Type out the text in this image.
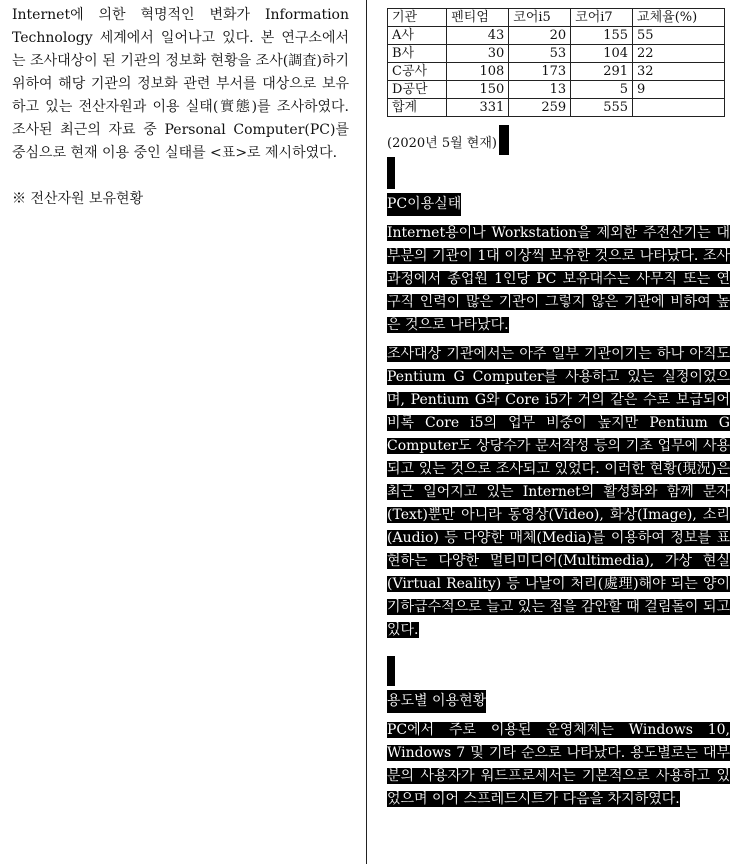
Internet에 의한 혁명적인 변화가 Information Technology 세계에서 일어나고 있다. 본 연구소에서는 조사대상이 된 기관의 정보화 현황을 조사(調査)하기 위하여 해당 기관의 정보화 관련 부서를 대상으로 보유하고 있는 전산자원과 이용 실태(實態)를 조사하였다. 조사된 최근의 자료 중 Personal Computer(PC)를 중심으로 현재 이용 중인 실태를 <표>로 제시하였다.

※ 전산자원 보유현황

기관	펜티엄	코어i5	코어i7	교체율(%)
A사	43	20	155	55
B사	30	53	104	22
C공사	108	173	291	32
D공단	150	13	5	9
합계	331	259	555	
(2020년 5월 현재)
PC이용실태

Internet용이나 Workstation을 제외한 주전산기는 대부분의 기관이 1대 이상씩 보유한 것으로 나타났다. 조사 과정에서 종업원 1인당 PC 보유대수는 사무직 또는 연구직 인력이 많은 기관이 그렇지 않은 기관에 비하여 높은 것으로 나타났다.

조사대상 기관에서는 아주 일부 기관이기는 하나 아직도 Pentium G Computer를 사용하고 있는 실정이었으며, Pentium G와 Core i5가 거의 같은 수로 보급되어 비록 Core i5의 업무 비중이 높지만 Pentium G Computer도 상당수가 문서작성 등의 기초 업무에 사용되고 있는 것으로 조사되고 있었다. 이러한 현황(現況)은 최근 일어지고 있는 Internet의 활성화와 함께 문자(Text)뿐만 아니라 동영상(Video), 화상(Image), 소리(Audio) 등 다양한 매체(Media)를 이용하여 정보를 표현하는 다양한 멀티미디어(Multimedia), 가상 현실(Virtual Reality) 등 나날이 처리(處理)해야 되는 양이 기하급수적으로 늘고 있는 점을 감안할 때 걸림돌이 되고 있다.

용도별 이용현황

PC에서 주로 이용된 운영체제는 Windows 10, Windows 7 및 기타 순으로 나타났다. 용도별로는 대부분의 사용자가 워드프로세서는 기본적으로 사용하고 있었으며 이어 스프레드시트가 다음을 차지하였다.
